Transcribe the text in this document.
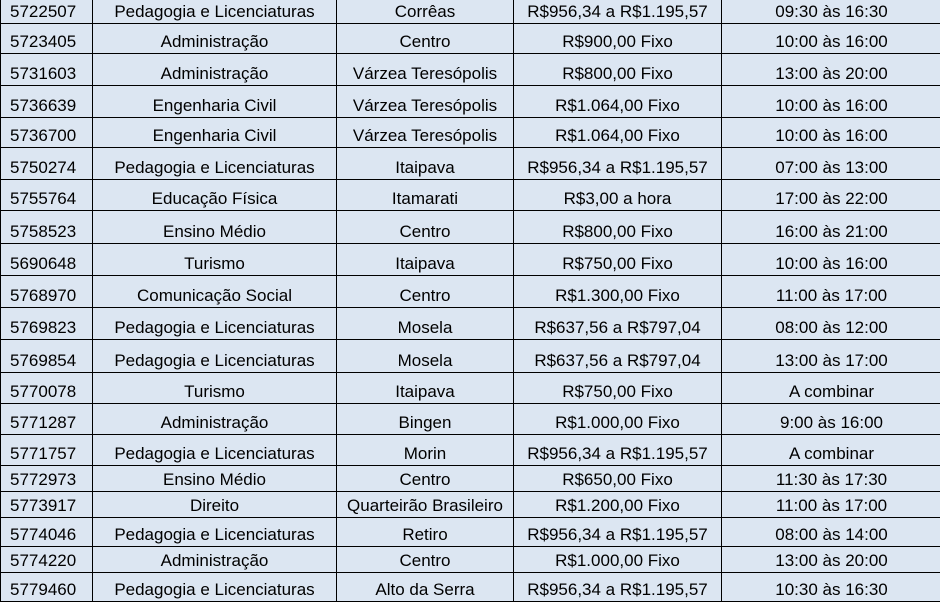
5722507	Pedagogia e Licenciaturas	Corrêas	R$956,34 a R$1.195,57	09:30 às 16:30
5723405	Administração	Centro	R$900,00 Fixo	10:00 às 16:00
5731603	Administração	Várzea Teresópolis	R$800,00 Fixo	13:00 às 20:00
5736639	Engenharia Civil	Várzea Teresópolis	R$1.064,00 Fixo	10:00 às 16:00
5736700	Engenharia Civil	Várzea Teresópolis	R$1.064,00 Fixo	10:00 às 16:00
5750274	Pedagogia e Licenciaturas	Itaipava	R$956,34 a R$1.195,57	07:00 às 13:00
5755764	Educação Física	Itamarati	R$3,00 a hora	17:00 às 22:00
5758523	Ensino Médio	Centro	R$800,00 Fixo	16:00 às 21:00
5690648	Turismo	Itaipava	R$750,00 Fixo	10:00 às 16:00
5768970	Comunicação Social	Centro	R$1.300,00 Fixo	11:00 às 17:00
5769823	Pedagogia e Licenciaturas	Mosela	R$637,56 a R$797,04	08:00 às 12:00
5769854	Pedagogia e Licenciaturas	Mosela	R$637,56 a R$797,04	13:00 às 17:00
5770078	Turismo	Itaipava	R$750,00 Fixo	A combinar
5771287	Administração	Bingen	R$1.000,00 Fixo	9:00 às 16:00
5771757	Pedagogia e Licenciaturas	Morin	R$956,34 a R$1.195,57	A combinar
5772973	Ensino Médio	Centro	R$650,00 Fixo	11:30 às 17:30
5773917	Direito	Quarteirão Brasileiro	R$1.200,00 Fixo	11:00 às 17:00
5774046	Pedagogia e Licenciaturas	Retiro	R$956,34 a R$1.195,57	08:00 às 14:00
5774220	Administração	Centro	R$1.000,00 Fixo	13:00 às 20:00
5779460	Pedagogia e Licenciaturas	Alto da Serra	R$956,34 a R$1.195,57	10:30 às 16:30
